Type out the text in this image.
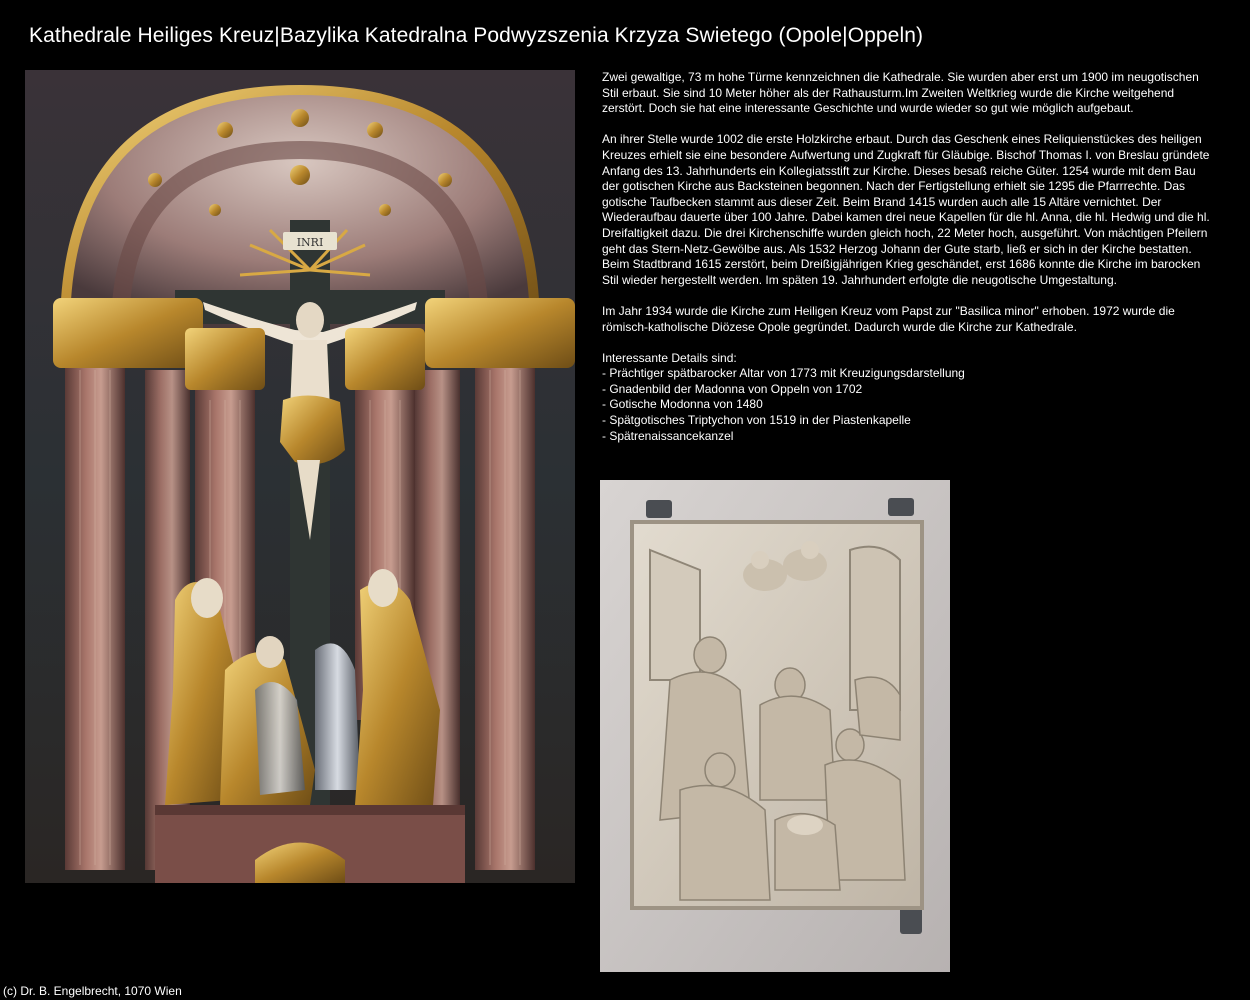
Kathedrale Heiliges Kreuz|Bazylika Katedralna Podwyzszenia Krzyza Swietego (Opole|Oppeln)
INRI

Zwei gewaltige, 73 m hohe Türme kennzeichnen die Kathedrale. Sie wurden aber erst um 1900 im neugotischen Stil erbaut. Sie sind 10 Meter höher als der Rathausturm.Im Zweiten Weltkrieg wurde die Kirche weitgehend zerstört. Doch sie hat eine interessante Geschichte und wurde wieder so gut wie möglich aufgebaut.

An ihrer Stelle wurde 1002 die erste Holzkirche erbaut. Durch das Geschenk eines Reliquienstückes des heiligen Kreuzes erhielt sie eine besondere Aufwertung und Zugkraft für Gläubige. Bischof Thomas I. von Breslau gründete Anfang des 13. Jahrhunderts ein Kollegiatsstift zur Kirche. Dieses besaß reiche Güter. 1254 wurde mit dem Bau der gotischen Kirche aus Backsteinen begonnen. Nach der Fertigstellung erhielt sie 1295 die Pfarrrechte. Das gotische Taufbecken stammt aus dieser Zeit. Beim Brand 1415 wurden auch alle 15 Altäre vernichtet. Der Wiederaufbau dauerte über 100 Jahre. Dabei kamen drei neue Kapellen für die hl. Anna, die hl. Hedwig und die hl. Dreifaltigkeit dazu. Die drei Kirchenschiffe wurden gleich hoch, 22 Meter hoch, ausgeführt. Von mächtigen Pfeilern geht das Stern-Netz-Gewölbe aus. Als 1532 Herzog Johann der Gute starb, ließ er sich in der Kirche bestatten. Beim Stadtbrand 1615 zerstört, beim Dreißigjährigen Krieg geschändet, erst 1686 konnte die Kirche im barocken Stil wieder hergestellt werden. Im späten 19. Jahrhundert erfolgte die neugotische Umgestaltung.

Im Jahr 1934 wurde die Kirche zum Heiligen Kreuz vom Papst zur "Basilica minor" erhoben. 1972 wurde die römisch-katholische Diözese Opole gegründet. Dadurch wurde die Kirche zur Kathedrale.

Interessante Details sind:
- Prächtiger spätbarocker Altar von 1773 mit Kreuzigungsdarstellung
- Gnadenbild der Madonna von Oppeln von 1702
- Gotische Modonna von 1480
- Spätgotisches Triptychon von 1519 in der Piastenkapelle
- Spätrenaissancekanzel
(c) Dr. B. Engelbrecht, 1070 Wien
